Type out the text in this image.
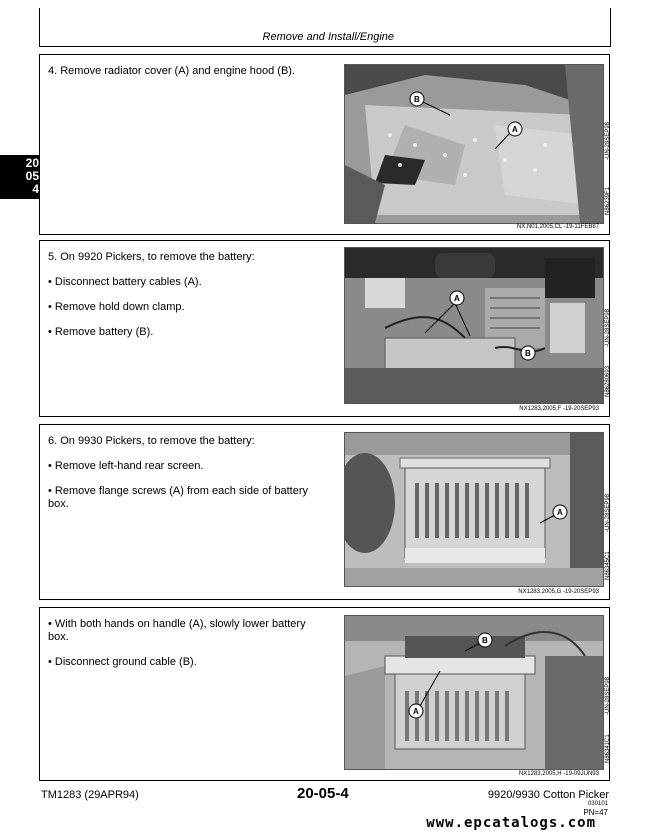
Remove and Install/Engine
20
05
4

4. Remove radiator cover (A) and engine hood (B).

B
A
N86239F1
-UN-28SEP98
NX,N01,2005,CL -19-11FEB87

5. On 9920 Pickers, to remove the battery:

• Disconnect battery cables (A).

• Remove hold down clamp.

• Remove battery (B).

A
B
N86280693
-UN-28SEP98
NX1283,2005,F -19-20SEP93

6. On 9930 Pickers, to remove the battery:

• Remove left-hand rear screen.

• Remove flange screws (A) from each side of battery box.

A
N86345C1
-UN-28SEP98
NX1283,2005,G -19-20SEP93

• With both hands on handle (A), slowly lower battery box.

• Disconnect ground cable (B).

B
A
N86341C1
-UN-28SEP98
NX1283,2005,H -19-09JUN93
TM1283 (29APR94)	20-05-4	9920/9930 Cotton Picker
030101
PN=47
www.epcatalogs.com
